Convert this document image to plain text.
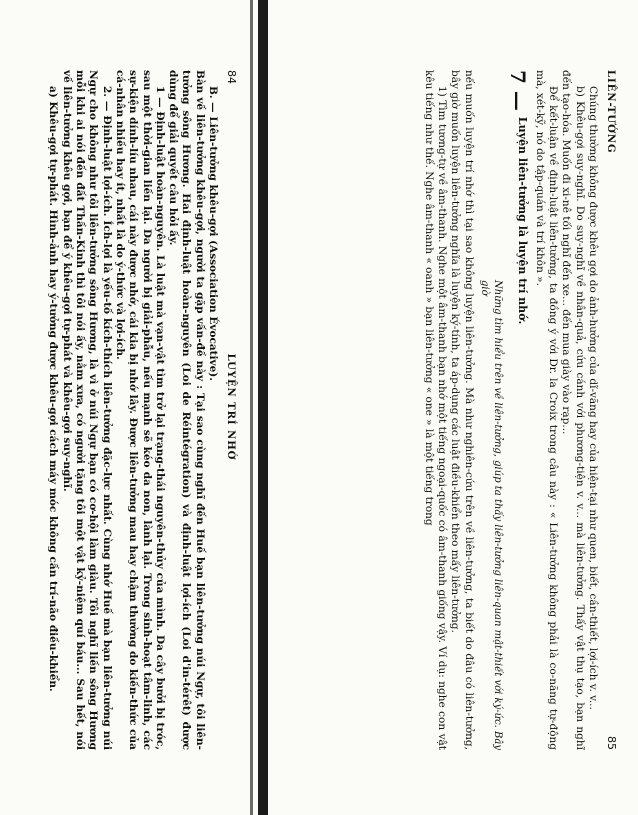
84
LUYỆN TRÍ NHỚ

B. — Liên-tưởng khêu-gợi (Association Évocative).

Bàn về liên-tưởng khêu-gợi, người ta gặp vấn-đề này : Tại sao cùng nghĩ đến Huế bạn liên-tưởng núi Ngự, tôi liên-tưởng sông Hương. Hai định-luật hoàn-nguyên (Loi de Réintégration) và định-luật lợi-ích (Loi d'in-térêt) được dùng để giải quyết câu hỏi ấy.

1 — Định-luật hoàn-nguyên. Là luật mà vạn-vật tìm trở lại trạng-thái nguyên-thủy của mình. Da cây bưởi bị tróc, sau một thời-gian liền lại. Da người bị giải-phẫu, nếu mạnh sẽ kéo da non, lành lại. Trong sinh-hoạt tâm-linh, các sự-kiện dính-líu nhau, cái này được nhớ, cái kia bị nhớ lây. Được liên-tưởng mau hay chậm thường do kiến-thức của cá-nhân nhiều hay ít, nhất là do ý-thức và lợi-ích.

2. — Định-luật lợi-ích. Ích-lợi là yếu-tố kích-thích liên-tưởng đặc-lực nhất. Cùng nhớ Huế mà bạn liên-tưởng núi Ngự cho không như tôi liên-tưởng sông Hương, là vì ở núi Ngự bạn có cơ-hội làm giàu. Tôi nghĩ liền sông Hương mỗi khi ai nói đến đất Thần-Kinh thì tôi nói ấy, nằm xưa, có người tặng tôi một vật kỷ-niệm quí báu... Sau hết, nói về liên-tưởng khêu gợi, bạn để ý khêu-gợi tự-phát và khêu-gợi suy-nghĩ.

a) Khêu-gợi tự-phát. Hình-ảnh hay ý-tưởng được khêu-gợi cách máy móc không cần trí-não điều-khiển.	LIÊN-TƯỞNG
85

Chúng thường không được khêu gợi do ảnh-hưởng của dĩ-vãng hay của hiện-tại như quen, biết, cần-thiết, lợi-ích v. v...

b) Khêu-gợi suy-nghĩ. Do suy-nghĩ về nhân-quả, cứu cánh với phương-tiện v. v... mà liên-tưởng. Thấy vật thụ tạo, bạn nghĩ đến tạo-hóa. Muốn đi xi-nê tối nghĩ đến xe... đến mua giày vào rạp...

Để kết-luận về định-luật liên-tưởng, ta đồng ý với Dr. la Croix trong câu này : « Liên-tưởng không phải là co-năng tự-động mà, xét-kỹ, nó do tập-quán và trí khôn ».

7 —
Luyện liên-tưởng là luyện trí nhớ.

Những tìm hiểu trên về liên-tưởng, giúp ta thấy liên-tưởng liên-quan mật-thiết với ký-ức. Bây giờ

nếu muốn luyện trí nhớ thì tại sao không luyện liên-tưởng. Mà như nghiên-cứu trên về liên-tưởng, ta biết do đâu có liên-tưởng, bây giờ muốn luyện liên-tưởng nghĩa là luyện ký-tính, ta áp-dụng các luật điều-khiển theo mấy liên-tưởng.

1) Tìm tương-tự về âm-thanh. Nghe một âm-thanh bạn nhớ một tiếng ngoại-quốc có âm-thanh giống vậy. Ví dụ: nghe con vật kêu tiếng như thế. Nghe âm-thanh « oanh » bạn liên-tưởng « one » là một tiếng trong
